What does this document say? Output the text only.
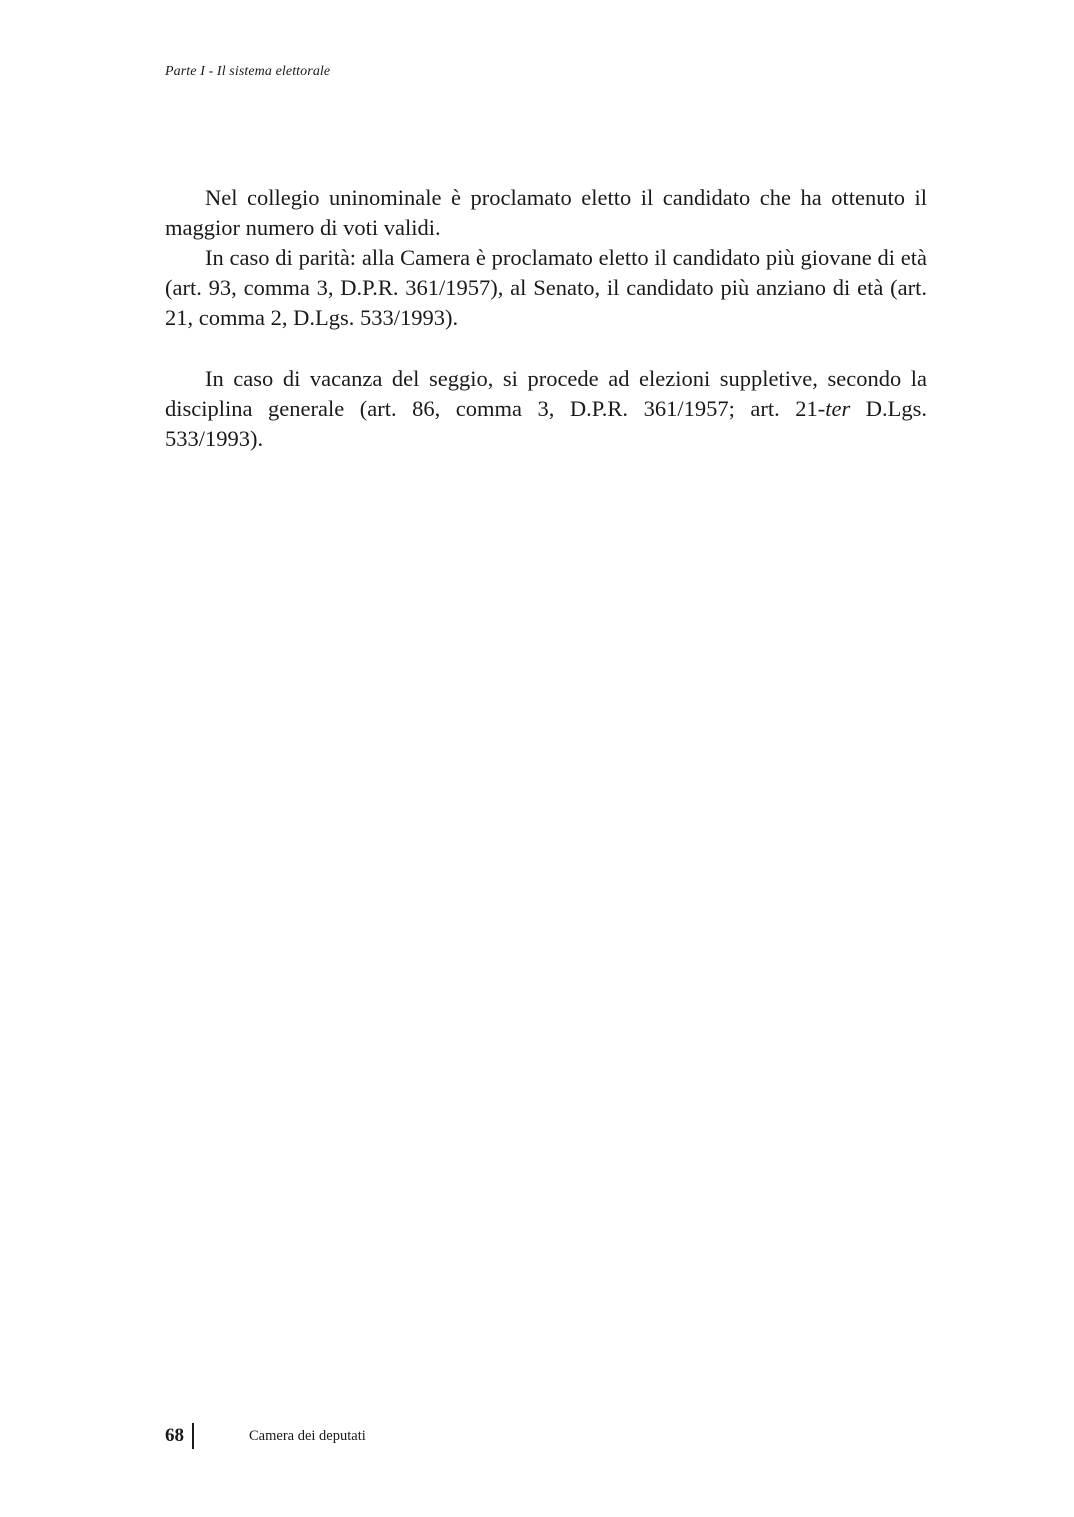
Parte I - Il sistema elettorale

Nel collegio uninominale è proclamato eletto il candidato che ha ottenuto il maggior numero di voti validi.

In caso di parità: alla Camera è proclamato eletto il candidato più giovane di età (art. 93, comma 3, D.P.R. 361/1957), al Senato, il candidato più anziano di età (art. 21, comma 2, D.Lgs. 533/1993).

In caso di vacanza del seggio, si procede ad elezioni suppletive, secondo la disciplina generale (art. 86, comma 3, D.P.R. 361/1957; art. 21-ter D.Lgs. 533/1993).

68	Camera dei deputati
